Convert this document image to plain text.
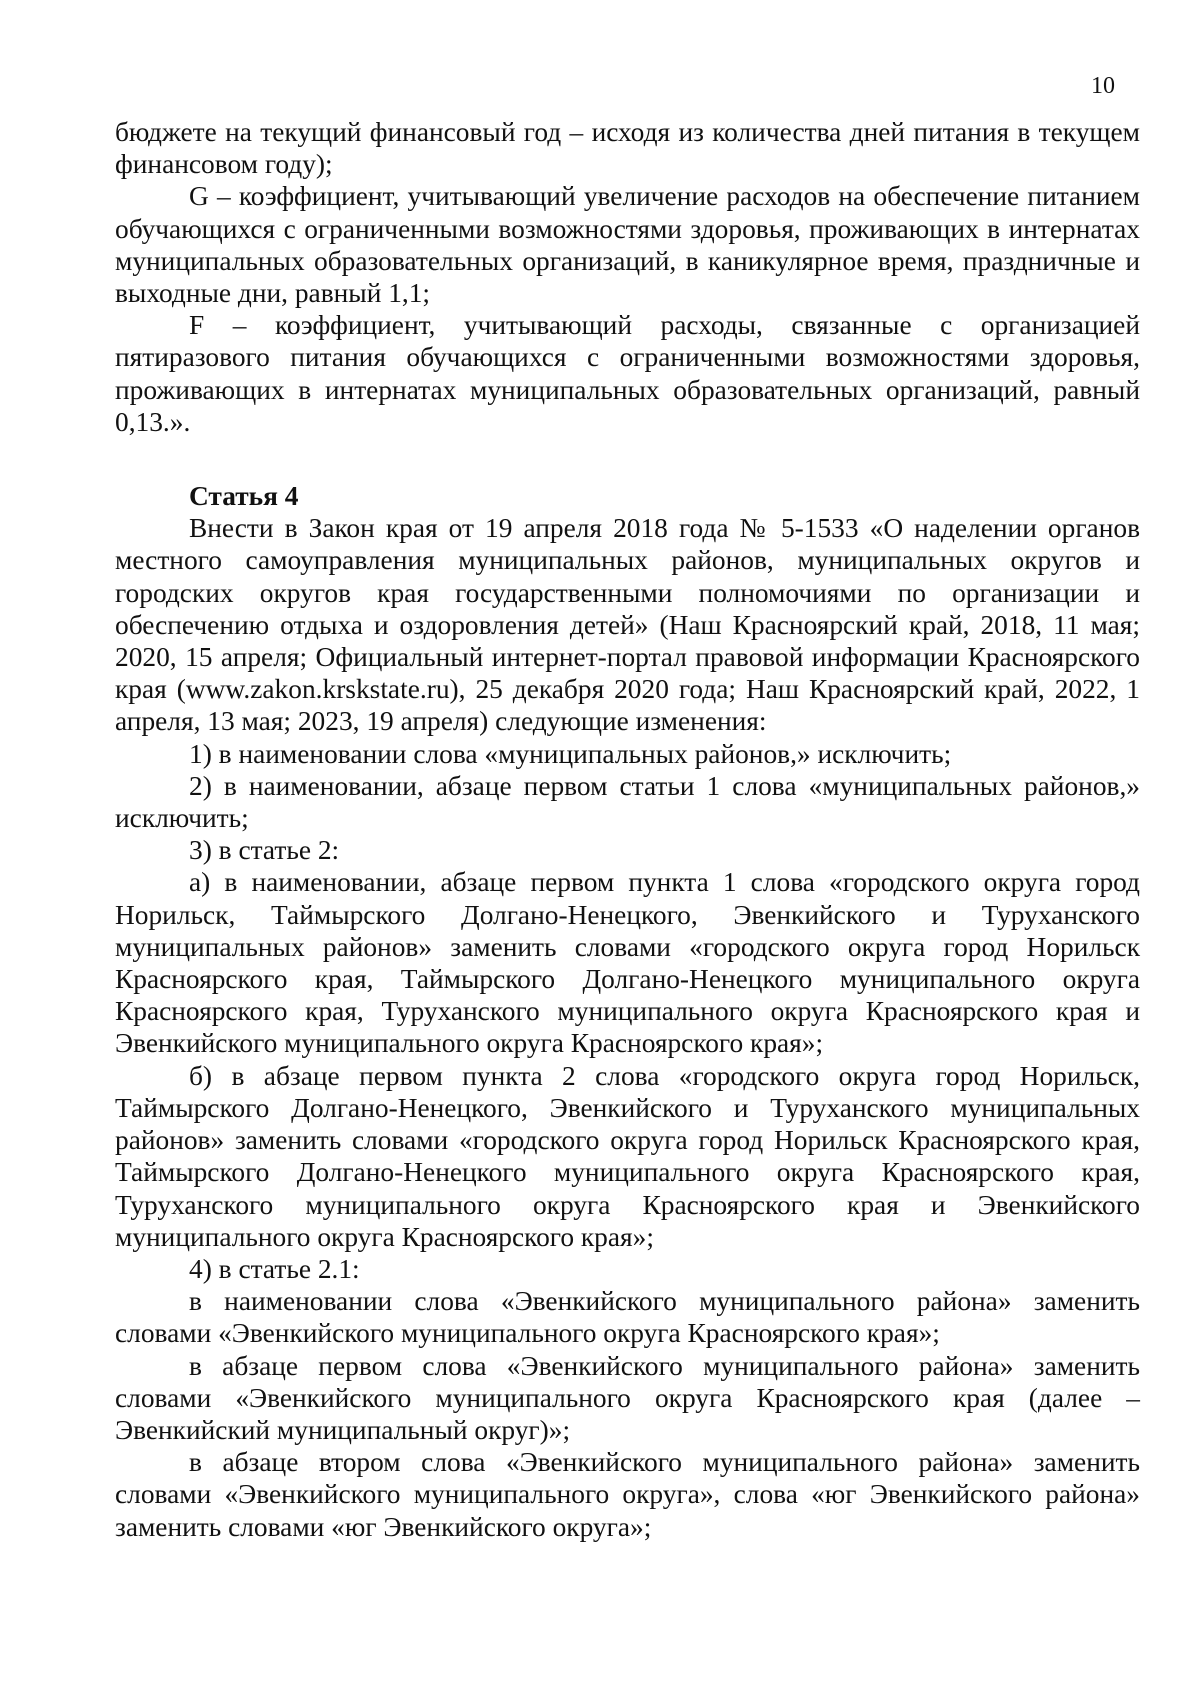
10

бюджете на текущий финансовый год – исходя из количества дней питания в текущем финансовом году);

G – коэффициент, учитывающий увеличение расходов на обеспечение питанием обучающихся с ограниченными возможностями здоровья, проживающих в интернатах муниципальных образовательных организаций, в каникулярное время, праздничные и выходные дни, равный 1,1;

F – коэффициент, учитывающий расходы, связанные с организацией пятиразового питания обучающихся с ограниченными возможностями здоровья, проживающих в интернатах муниципальных образовательных организаций, равный 0,13.».

Статья 4

Внести в Закон края от 19 апреля 2018 года № 5-1533 «О наделении органов местного самоуправления муниципальных районов, муниципальных округов и городских округов края государственными полномочиями по организации и обеспечению отдыха и оздоровления детей» (Наш Красноярский край, 2018, 11 мая; 2020, 15 апреля; Официальный интернет-портал правовой информации Красноярского края (www.zakon.krskstate.ru), 25 декабря 2020 года; Наш Красноярский край, 2022, 1 апреля, 13 мая; 2023, 19 апреля) следующие изменения:

1) в наименовании слова «муниципальных районов,» исключить;

2) в наименовании, абзаце первом статьи 1 слова «муниципальных районов,» исключить;

3) в статье 2:

а) в наименовании, абзаце первом пункта 1 слова «городского округа город Норильск, Таймырского Долгано-Ненецкого, Эвенкийского и Туруханского муниципальных районов» заменить словами «городского округа город Норильск Красноярского края, Таймырского Долгано-Ненецкого муниципального округа Красноярского края, Туруханского муниципального округа Красноярского края и Эвенкийского муниципального округа Красноярского края»;

б) в абзаце первом пункта 2 слова «городского округа город Норильск, Таймырского Долгано-Ненецкого, Эвенкийского и Туруханского муниципальных районов» заменить словами «городского округа город Норильск Красноярского края, Таймырского Долгано-Ненецкого муниципального округа Красноярского края, Туруханского муниципального округа Красноярского края и Эвенкийского муниципального округа Красноярского края»;

4) в статье 2.1:

в наименовании слова «Эвенкийского муниципального района» заменить словами «Эвенкийского муниципального округа Красноярского края»;

в абзаце первом слова «Эвенкийского муниципального района» заменить словами «Эвенкийского муниципального округа Красноярского края (далее – Эвенкийский муниципальный округ)»;

в абзаце втором слова «Эвенкийского муниципального района» заменить словами «Эвенкийского муниципального округа», слова «юг Эвенкийского района» заменить словами «юг Эвенкийского округа»;
